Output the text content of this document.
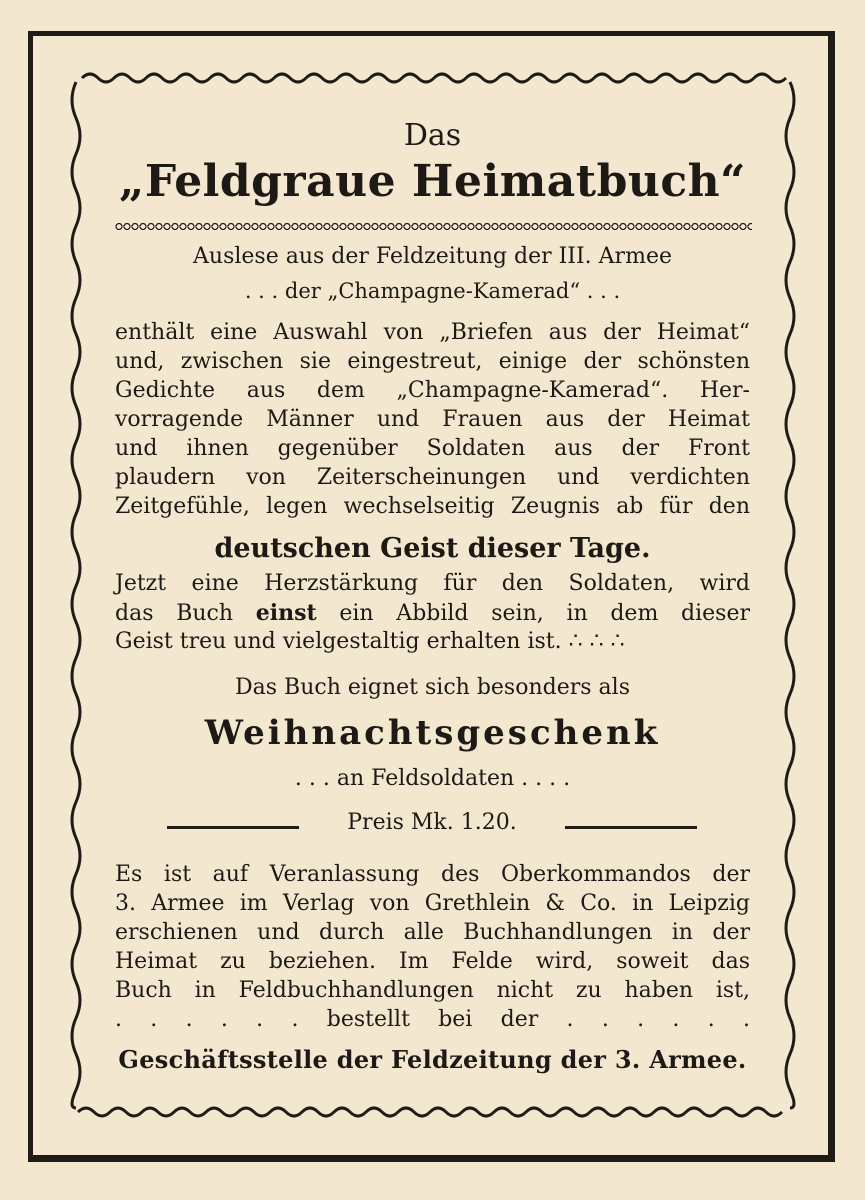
Das
„Feldgraue Heimatbuch“
Auslese aus der Feldzeitung der III. Armee
. . . der „Champagne-Kamerad“ . . .
enthält eine Auswahl von „Briefen aus der Heimat“
und, zwischen sie eingestreut, einige der schönsten
Gedichte aus dem „Champagne-Kamerad“. Her-
vorragende Männer und Frauen aus der Heimat
und ihnen gegenüber Soldaten aus der Front
plaudern von Zeiterscheinungen und verdichten
Zeitgefühle, legen wechselseitig Zeugnis ab für den
deutschen Geist dieser Tage.
Jetzt eine Herzstärkung für den Soldaten, wird
das Buch einst ein Abbild sein, in dem dieser
Geist treu und vielgestaltig erhalten ist. ∴ ∴ ∴
Das Buch eignet sich besonders als
Weihnachtsgeschenk
. . . an Feldsoldaten . . . .
Preis Mk. 1.20.
Es ist auf Veranlassung des Oberkommandos der
3. Armee im Verlag von Grethlein & Co. in Leipzig
erschienen und durch alle Buchhandlungen in der
Heimat zu beziehen. Im Felde wird, soweit das
Buch in Feldbuchhandlungen nicht zu haben ist,
. . . . . . bestellt bei der . . . . . .
Geschäftsstelle der Feldzeitung der 3. Armee.
